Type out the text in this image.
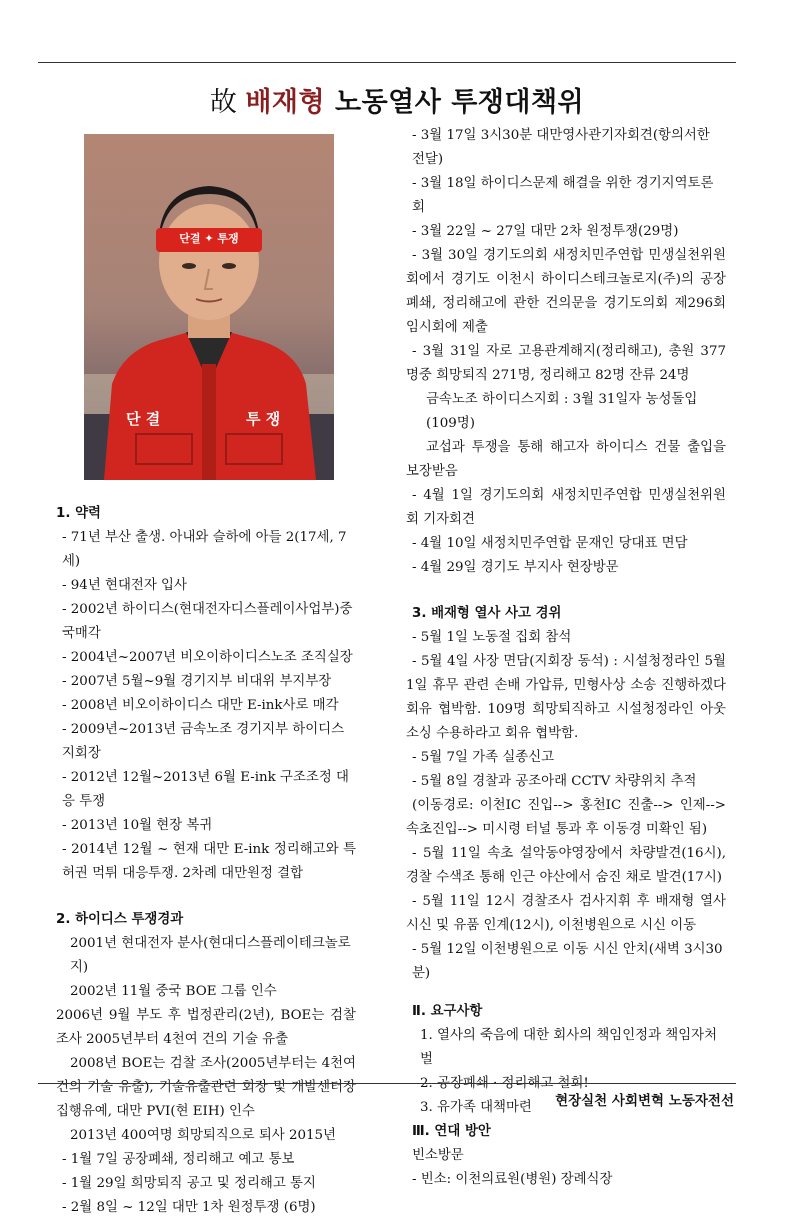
故 배재형 노동열사 투쟁대책위
단결 ✦ 투쟁
단 결	투 쟁

1. 약력

- 71년 부산 출생. 아내와 슬하에 아들 2(17세, 7세)

- 94년 현대전자 입사

- 2002년 하이디스(현대전자디스플레이사업부)중국매각

- 2004년~2007년 비오이하이디스노조 조직실장

- 2007년 5월~9월 경기지부 비대위 부지부장

- 2008년 비오이하이디스 대만 E-ink사로 매각

- 2009년~2013년 금속노조 경기지부 하이디스지회장

- 2012년 12월~2013년 6월 E-ink 구조조정 대응 투쟁

- 2013년 10월 현장 복귀

- 2014년 12월 ~ 현재 대만 E-ink 정리해고와 특허권 먹튀 대응투쟁. 2차례 대만원정 결합

2. 하이디스 투쟁경과

2001년 현대전자 분사(현대디스플레이테크놀로지)

2002년 11월 중국 BOE 그룹 인수

2006년 9월 부도 후 법정관리(2년), BOE는 검찰 조사 2005년부터 4천여 건의 기술 유출

2008년 BOE는 검찰 조사(2005년부터는 4천여 건의 기술 유출), 기술유출관련 회장 및 개발센터장 집행유예, 대만 PVI(현 EIH) 인수

2013년 400여명 희망퇴직으로 퇴사 2015년

- 1월 7일 공장폐쇄, 정리해고 예고 통보

- 1월 29일 희망퇴직 공고 및 정리해고 통지

- 2월 8일 ~ 12일 대만 1차 원정투쟁 (6명)

- 3월 17일 3시30분 대만영사관기자회견(항의서한 전달)

- 3월 18일 하이디스문제 해결을 위한 경기지역토론회

- 3월 22일 ~ 27일 대만 2차 원정투쟁(29명)

- 3월 30일 경기도의회 새정치민주연합 민생실천위원회에서 경기도 이천시 하이디스테크놀로지(주)의 공장폐쇄, 정리해고에 관한 건의문을 경기도의회 제296회 임시회에 제출

- 3월 31일 자로 고용관계해지(정리해고), 총원 377명중 희망퇴직 271명, 정리해고 82명 잔류 24명

금속노조 하이디스지회 : 3월 31일자 농성돌입(109명)

교섭과 투쟁을 통해 해고자 하이디스 건물 출입을 보장받음

- 4월 1일 경기도의회 새정치민주연합 민생실천위원회 기자회견

- 4월 10일 새정치민주연합 문재인 당대표 면담

- 4월 29일 경기도 부지사 현장방문

3. 배재형 열사 사고 경위

- 5월 1일 노동절 집회 참석

- 5월 4일 사장 면담(지회장 동석) : 시설청정라인 5월 1일 휴무 관련 손배 가압류, 민형사상 소송 진행하겠다 회유 협박함. 109명 희망퇴직하고 시설청정라인 아웃소싱 수용하라고 회유 협박함.

- 5월 7일 가족 실종신고

- 5월 8일 경찰과 공조아래 CCTV 차량위치 추적

(이동경로: 이천IC 진입--> 홍천IC 진출--> 인제--> 속초진입--> 미시령 터널 통과 후 이동경 미확인 됨)

- 5월 11일 속초 설악동야영장에서 차량발견(16시), 경찰 수색조 통해 인근 야산에서 숨진 채로 발견(17시)

- 5월 11일 12시 경찰조사 검사지휘 후 배재형 열사 시신 및 유품 인계(12시), 이천병원으로 시신 이동

- 5월 12일 이천병원으로 이동 시신 안치(새벽 3시30분)

Ⅱ. 요구사항

1. 열사의 죽음에 대한 회사의 책임인정과 책임자처벌

2. 공장폐쇄 · 정리해고 철회!

3. 유가족 대책마련

Ⅲ. 연대 방안

빈소방문

- 빈소: 이천의료원(병원) 장례식장

현장실천 사회변혁 노동자전선
